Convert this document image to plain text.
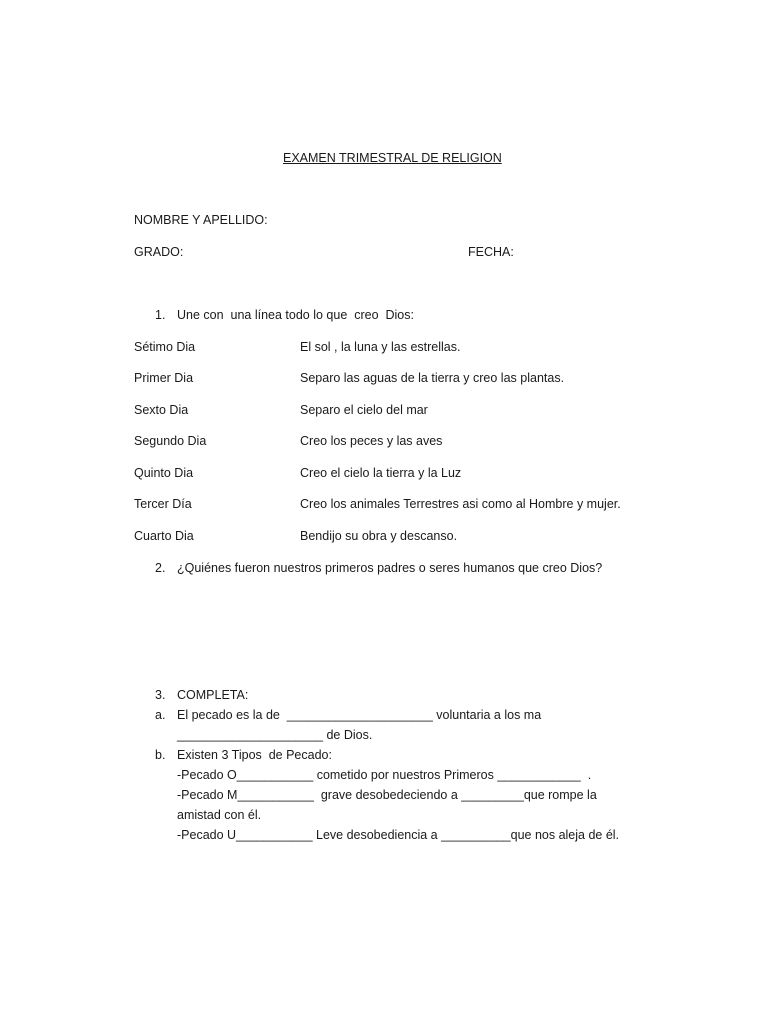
EXAMEN TRIMESTRAL DE RELIGION
NOMBRE Y APELLIDO:
GRADO:	FECHA:
1. Une con  una línea todo lo que  creo  Dios:
Sétimo Dia	El sol , la luna y las estrellas.
Primer Dia	Separo las aguas de la tierra y creo las plantas.
Sexto Dia	Separo el cielo del mar
Segundo Dia	Creo los peces y las aves
Quinto Dia	Creo el cielo la tierra y la Luz
Tercer Día	Creo los animales Terrestres asi como al Hombre y mujer.
Cuarto Dia	Bendijo su obra y descanso.
2. ¿Quiénes fueron nuestros primeros padres o seres humanos que creo Dios?
3. COMPLETA:
a. El pecado es la de  _____________________ voluntaria a los ma
_____________________ de Dios.
b. Existen 3 Tipos  de Pecado:
-Pecado O___________ cometido por nuestros Primeros ____________  .
-Pecado M___________  grave desobedeciendo a _________que rompe la
amistad con él.
-Pecado U___________ Leve desobediencia a __________que nos aleja de él.
